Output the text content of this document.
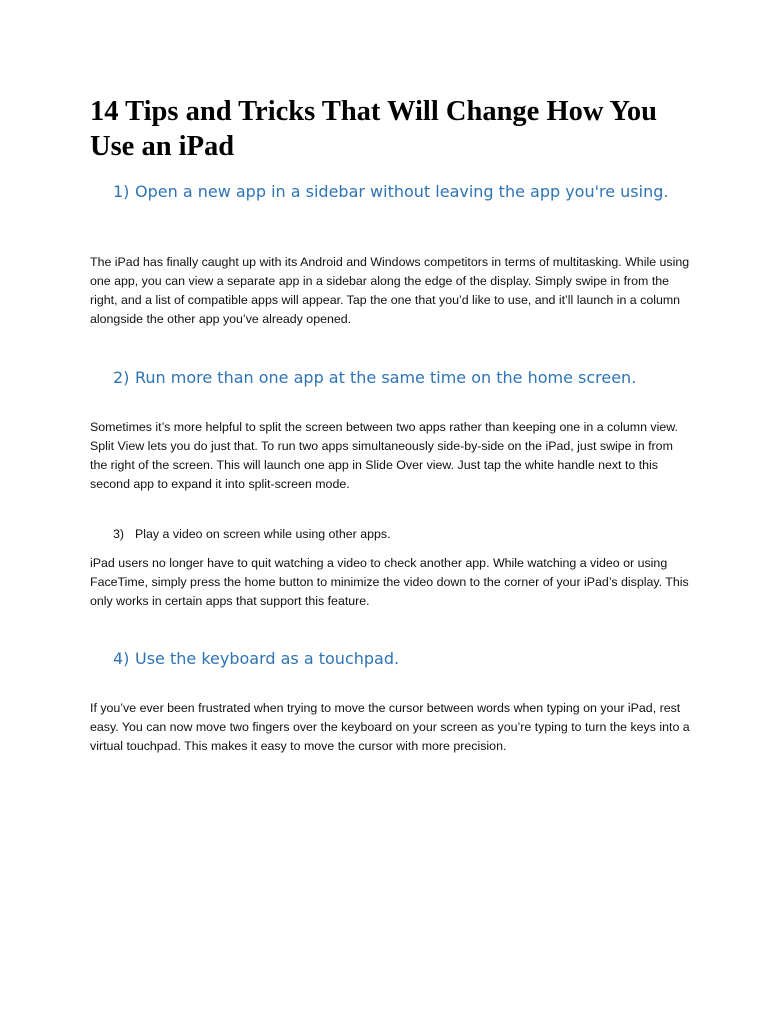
14 Tips and Tricks That Will Change How You Use an iPad
1) Open a new app in a sidebar without leaving the app you're using.

The iPad has finally caught up with its Android and Windows competitors in terms of multitasking. While using one app, you can view a separate app in a sidebar along the edge of the display. Simply swipe in from the right, and a list of compatible apps will appear. Tap the one that you’d like to use, and it’ll launch in a column alongside the other app you’ve already opened.

2) Run more than one app at the same time on the home screen.

Sometimes it’s more helpful to split the screen between two apps rather than keeping one in a column view. Split View lets you do just that. To run two apps simultaneously side-by-side on the iPad, just swipe in from the right of the screen. This will launch one app in Slide Over view. Just tap the white handle next to this second app to expand it into split-screen mode.

3) Play a video on screen while using other apps.

iPad users no longer have to quit watching a video to check another app. While watching a video or using FaceTime, simply press the home button to minimize the video down to the corner of your iPad’s display. This only works in certain apps that support this feature.

4) Use the keyboard as a touchpad.

If you’ve ever been frustrated when trying to move the cursor between words when typing on your iPad, rest easy. You can now move two fingers over the keyboard on your screen as you’re typing to turn the keys into a virtual touchpad. This makes it easy to move the cursor with more precision.
